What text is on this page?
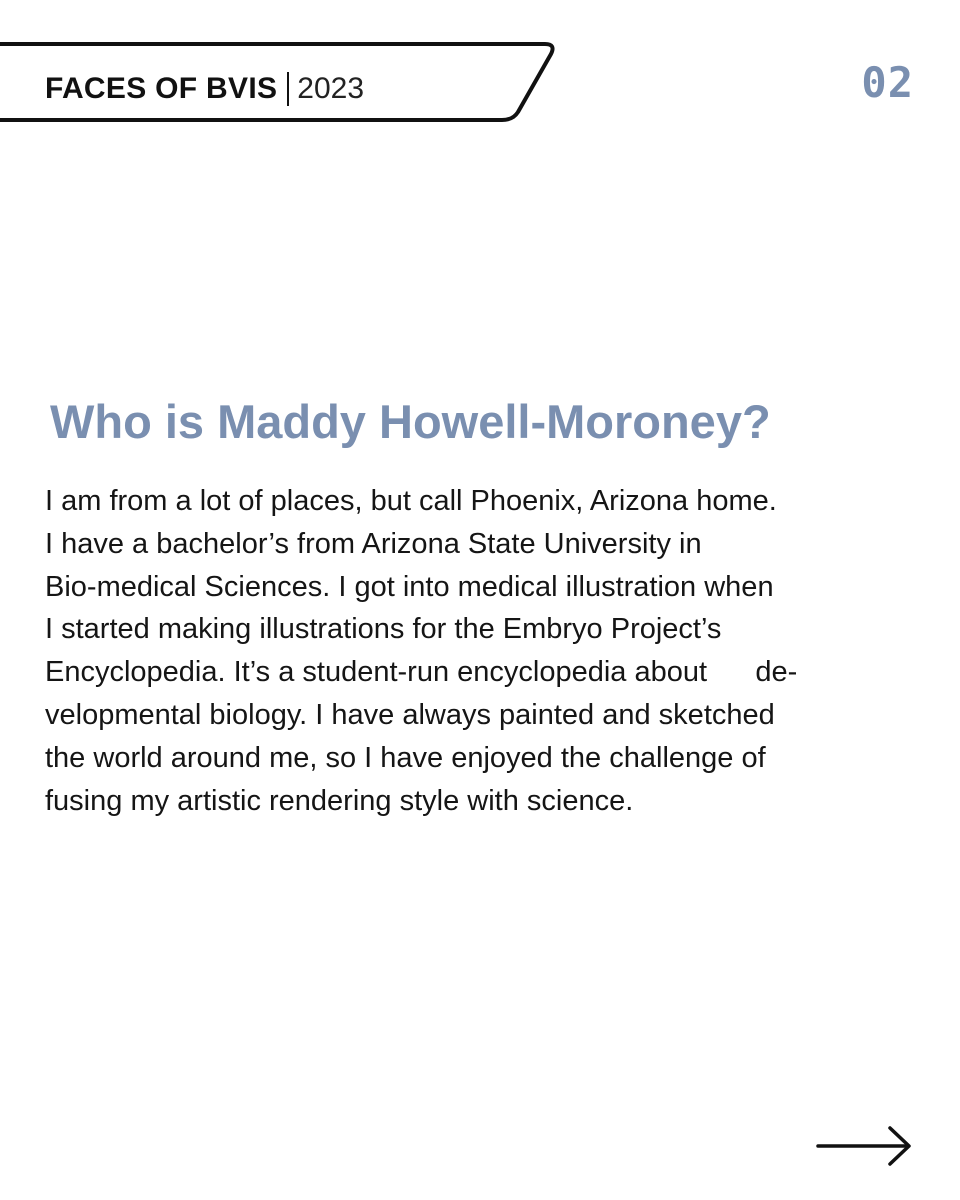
FACES OF BVIS 2023	02
Who is Maddy Howell-Moroney?

I am from a lot of places, but call Phoenix, Arizona home.
I have a bachelor’s from Arizona State University in
Bio-medical Sciences. I got into medical illustration when
I started making illustrations for the Embryo Project’s
Encyclopedia. It’s a student-run encyclopedia about      de-
velopmental biology. I have always painted and sketched
the world around me, so I have enjoyed the challenge of
fusing my artistic rendering style with science.
